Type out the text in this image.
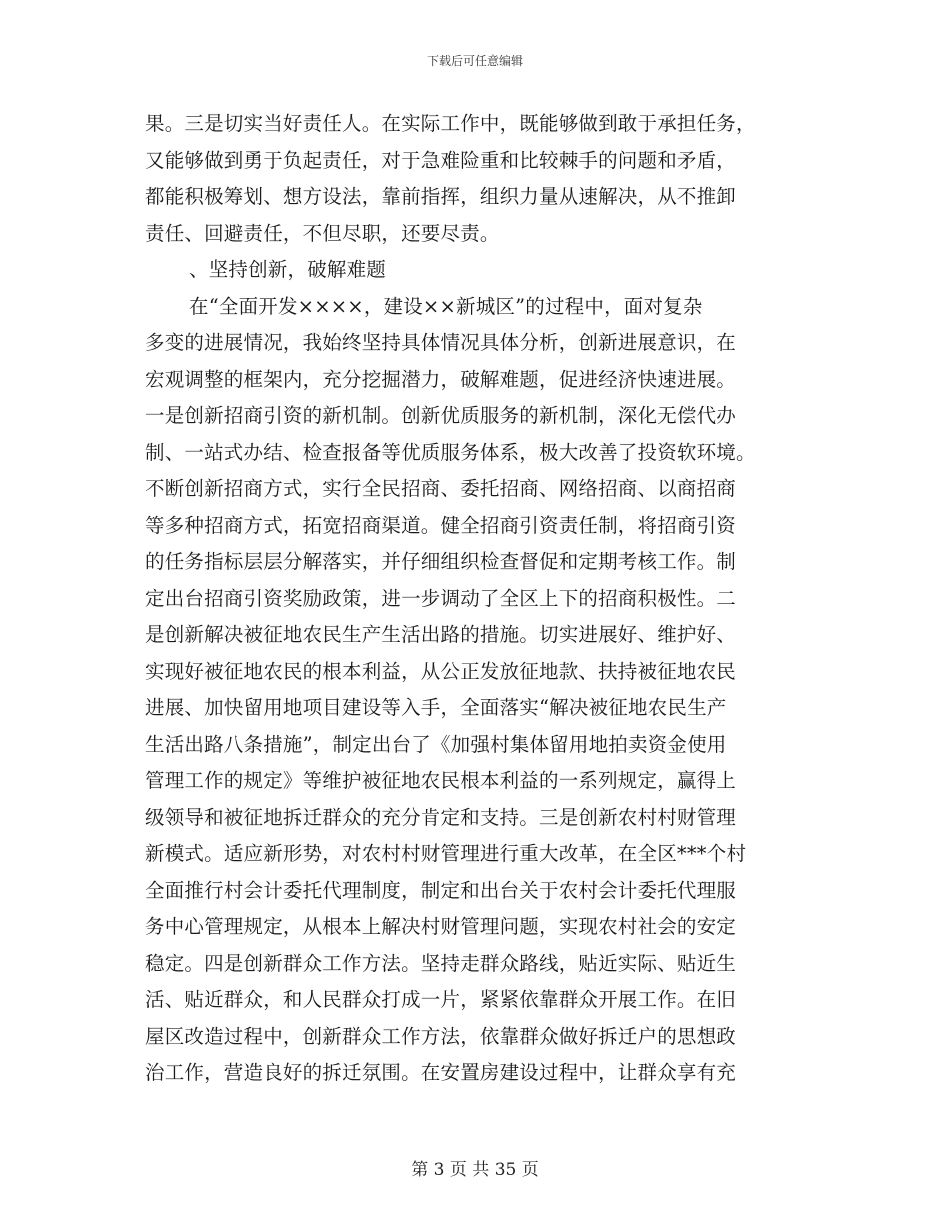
下载后可任意编辑
果。三是切实当好责任人。在实际工作中，既能够做到敢于承担任务，
又能够做到勇于负起责任，对于急难险重和比较棘手的问题和矛盾，
都能积极筹划、想方设法，靠前指挥，组织力量从速解决，从不推卸
责任、回避责任，不但尽职，还要尽责。
、坚持创新，破解难题
在“全面开发××××，建设××新城区”的过程中，面对复杂
多变的进展情况，我始终坚持具体情况具体分析，创新进展意识，在
宏观调整的框架内，充分挖掘潜力，破解难题，促进经济快速进展。
一是创新招商引资的新机制。创新优质服务的新机制，深化无偿代办
制、一站式办结、检查报备等优质服务体系，极大改善了投资软环境。
不断创新招商方式，实行全民招商、委托招商、网络招商、以商招商
等多种招商方式，拓宽招商渠道。健全招商引资责任制，将招商引资
的任务指标层层分解落实，并仔细组织检查督促和定期考核工作。制
定出台招商引资奖励政策，进一步调动了全区上下的招商积极性。二
是创新解决被征地农民生产生活出路的措施。切实进展好、维护好、
实现好被征地农民的根本利益，从公正发放征地款、扶持被征地农民
进展、加快留用地项目建设等入手，全面落实“解决被征地农民生产
生活出路八条措施”，制定出台了《加强村集体留用地拍卖资金使用
管理工作的规定》等维护被征地农民根本利益的一系列规定，赢得上
级领导和被征地拆迁群众的充分肯定和支持。三是创新农村村财管理
新模式。适应新形势，对农村村财管理进行重大改革，在全区***个村
全面推行村会计委托代理制度，制定和出台关于农村会计委托代理服
务中心管理规定，从根本上解决村财管理问题，实现农村社会的安定
稳定。四是创新群众工作方法。坚持走群众路线，贴近实际、贴近生
活、贴近群众，和人民群众打成一片，紧紧依靠群众开展工作。在旧
屋区改造过程中，创新群众工作方法，依靠群众做好拆迁户的思想政
治工作，营造良好的拆迁氛围。在安置房建设过程中，让群众享有充
第 3 页 共 35 页
